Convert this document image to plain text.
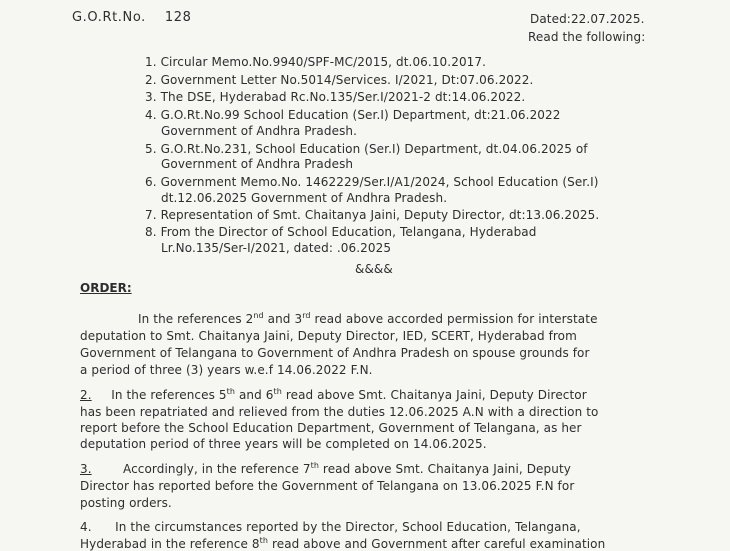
G.O.Rt.No. 128	Dated:22.07.2025.
Read the following:
1. Circular Memo.No.9940/SPF-MC/2015, dt.06.10.2017.
2. Government Letter No.5014/Services. I/2021, Dt:07.06.2022.
3. The DSE, Hyderabad Rc.No.135/Ser.I/2021-2 dt:14.06.2022.
4. G.O.Rt.No.99 School Education (Ser.I) Department, dt:21.06.2022
Government of Andhra Pradesh.
5. G.O.Rt.No.231, School Education (Ser.I) Department, dt.04.06.2025 of
Government of Andhra Pradesh
6. Government Memo.No. 1462229/Ser.I/A1/2024, School Education (Ser.I)
dt.12.06.2025 Government of Andhra Pradesh.
7. Representation of Smt. Chaitanya Jaini, Deputy Director, dt:13.06.2025.
8. From the Director of School Education, Telangana, Hyderabad
Lr.No.135/Ser-I/2021, dated: .06.2025
&&&&
ORDER:
In the references 2nd and 3rd read above accorded permission for interstate
deputation to Smt. Chaitanya Jaini, Deputy Director, IED, SCERT, Hyderabad from
Government of Telangana to Government of Andhra Pradesh on spouse grounds for
a period of three (3) years w.e.f 14.06.2022 F.N.
2. In the references 5th and 6th read above Smt. Chaitanya Jaini, Deputy Director
has been repatriated and relieved from the duties 12.06.2025 A.N with a direction to
report before the School Education Department, Government of Telangana, as her
deputation period of three years will be completed on 14.06.2025.
3.	Accordingly, in the reference 7th read above Smt. Chaitanya Jaini, Deputy
Director has reported before the Government of Telangana on 13.06.2025 F.N for
posting orders.
4. In the circumstances reported by the Director, School Education, Telangana,
Hyderabad in the reference 8th read above and Government after careful examination
